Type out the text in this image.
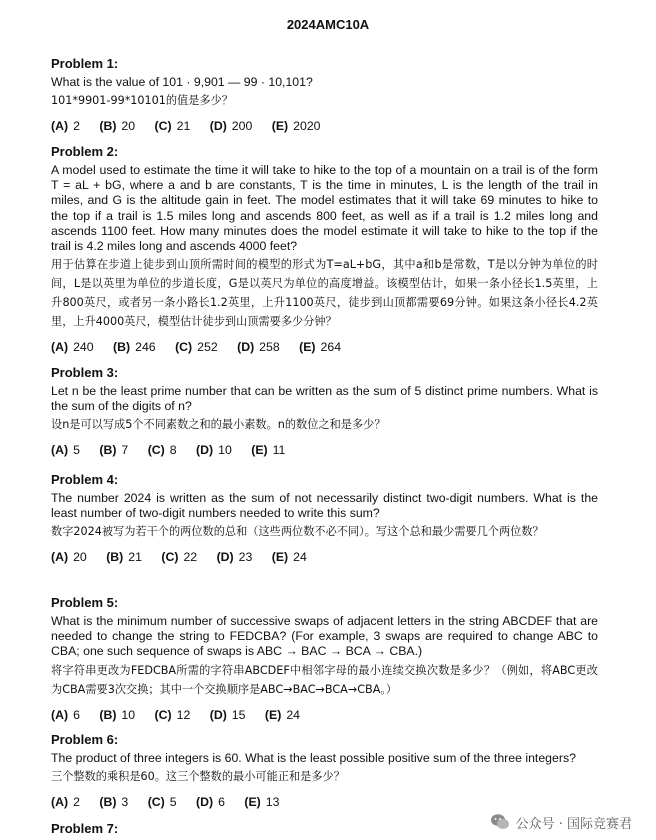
2024AMC10A
Problem 1:
What is the value of 101 · 9,901 — 99 · 10,101?
101*9901-99*10101的值是多少？
(A) 2 (B) 20 (C) 21 (D) 200 (E) 2020
Problem 2:
A model used to estimate the time it will take to hike to the top of a mountain on a trail is of the form T = aL + bG, where a and b are constants, T is the time in minutes, L is the length of the trail in miles, and G is the altitude gain in feet. The model estimates that it will take 69 minutes to hike to the top if a trail is 1.5 miles long and ascends 800 feet, as well as if a trail is 1.2 miles long and ascends 1100 feet. How many minutes does the model estimate it will take to hike to the top if the trail is 4.2 miles long and ascends 4000 feet?
用于估算在步道上徒步到山顶所需时间的模型的形式为T=aL+bG，其中a和b是常数，T是以分钟为单位的时间，L是以英里为单位的步道长度，G是以英尺为单位的高度增益。该模型估计，如果一条小径长1.5英里，上升800英尺，或者另一条小路长1.2英里，上升1100英尺，徒步到山顶都需要69分钟。如果这条小径长4.2英里，上升4000英尺，模型估计徒步到山顶需要多少分钟？
(A) 240 (B) 246 (C) 252 (D) 258 (E) 264
Problem 3:
Let n be the least prime number that can be written as the sum of 5 distinct prime numbers. What is the sum of the digits of n?
设n是可以写成5个不同素数之和的最小素数。n的数位之和是多少？
(A) 5 (B) 7 (C) 8 (D) 10 (E) 11
Problem 4:
The number 2024 is written as the sum of not necessarily distinct two-digit numbers. What is the least number of two-digit numbers needed to write this sum?
数字2024被写为若干个的两位数的总和（这些两位数不必不同）。写这个总和最少需要几个两位数？
(A) 20 (B) 21 (C) 22 (D) 23 (E) 24
Problem 5:
What is the minimum number of successive swaps of adjacent letters in the string ABCDEF that are needed to change the string to FEDCBA? (For example, 3 swaps are required to change ABC to CBA; one such sequence of swaps is ABC → BAC → BCA → CBA.)
将字符串更改为FEDCBA所需的字符串ABCDEF中相邻字母的最小连续交换次数是多少？（例如，将ABC更改为CBA需要3次交换；其中一个交换顺序是ABC→BAC→BCA→CBA。）
(A) 6 (B) 10 (C) 12 (D) 15 (E) 24
Problem 6:
The product of three integers is 60. What is the least possible positive sum of the three integers?
三个整数的乘积是60。这三个整数的最小可能正和是多少？
(A) 2 (B) 3 (C) 5 (D) 6 (E) 13
Problem 7:	公众号 · 国际竞赛君
